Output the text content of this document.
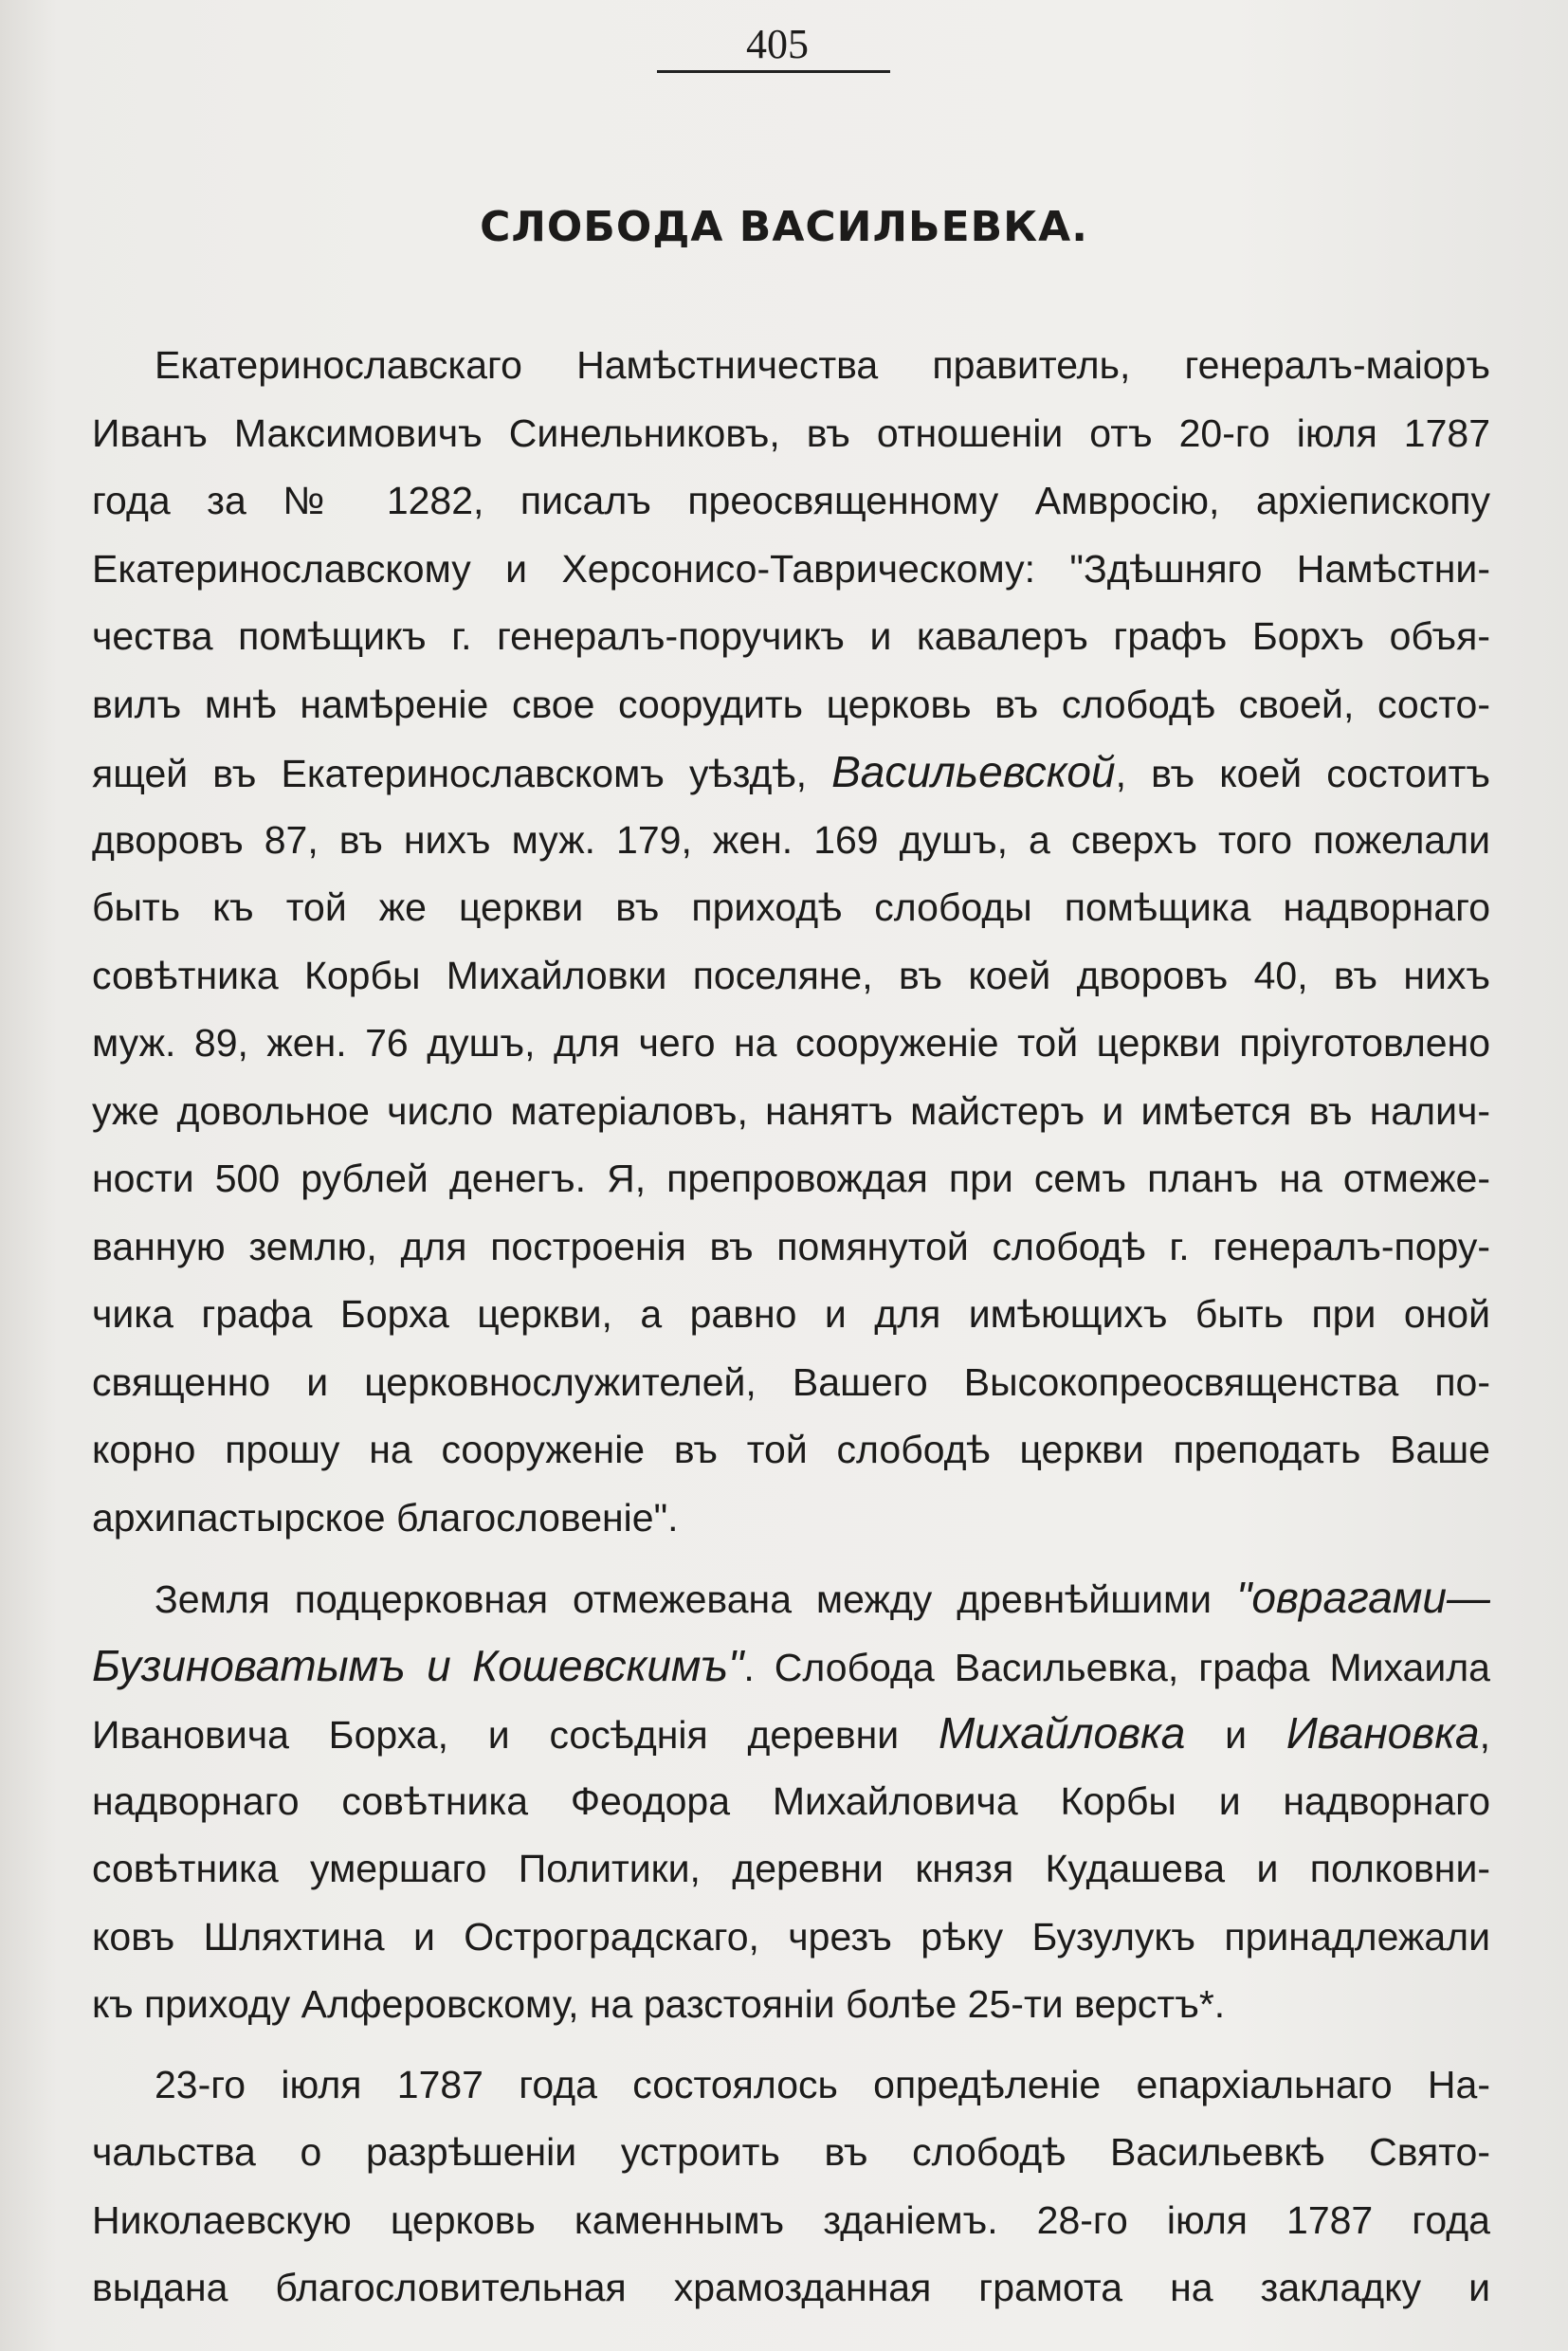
405
СЛОБОДА ВАСИЛЬЕВКА.
Екатеринославскаго Намѣстничества правитель, генералъ-маіоръ
Иванъ Максимовичъ Синельниковъ, въ отношеніи отъ 20-го іюля 1787
года за № 1282, писалъ преосвященному Амвросію, архіепископу
Екатеринославскому и Херсонисо-Таврическому: "Здѣшняго Намѣстни-
чества помѣщикъ г. генералъ-поручикъ и кавалеръ графъ Борхъ объя-
вилъ мнѣ намѣреніе свое соорудить церковь въ слободѣ своей, состо-
ящей въ Екатеринославскомъ уѣздѣ, Васильевской, въ коей состоитъ
дворовъ 87, въ нихъ муж. 179, жен. 169 душъ, а сверхъ того пожелали
быть къ той же церкви въ приходѣ слободы помѣщика надворнаго
совѣтника Корбы Михайловки поселяне, въ коей дворовъ 40, въ нихъ
муж. 89, жен. 76 душъ, для чего на сооруженіе той церкви пріуготовлено
уже довольное число матеріаловъ, нанятъ майстеръ и имѣется въ налич-
ности 500 рублей денегъ. Я, препровождая при семъ планъ на отмеже-
ванную землю, для построенія въ помянутой слободѣ г. генералъ-пору-
чика графа Борха церкви, а равно и для имѣющихъ быть при оной
священно и церковнослужителей, Вашего Высокопреосвященства по-
корно прошу на сооруженіе въ той слободѣ церкви преподать Ваше
архипастырское благословеніе".
Земля подцерковная отмежевана между древнѣйшими "оврагами—
Бузиноватымъ и Кошевскимъ". Слобода Васильевка, графа Михаила
Ивановича Борха, и сосѣднія деревни Михайловка и Ивановка,
надворнаго совѣтника Феодора Михайловича Корбы и надворнаго
совѣтника умершаго Политики, деревни князя Кудашева и полковни-
ковъ Шляхтина и Остроградскаго, чрезъ рѣку Бузулукъ принадлежали
къ приходу Алферовскому, на разстояніи болѣе 25-ти верстъ*.
23-го іюля 1787 года состоялось опредѣленіе епархіальнаго На-
чальства о разрѣшеніи устроить въ слободѣ Васильевкѣ Свято-
Николаевскую церковь каменнымъ зданіемъ. 28-го іюля 1787 года
выдана благословительная храмозданная грамота на закладку и
